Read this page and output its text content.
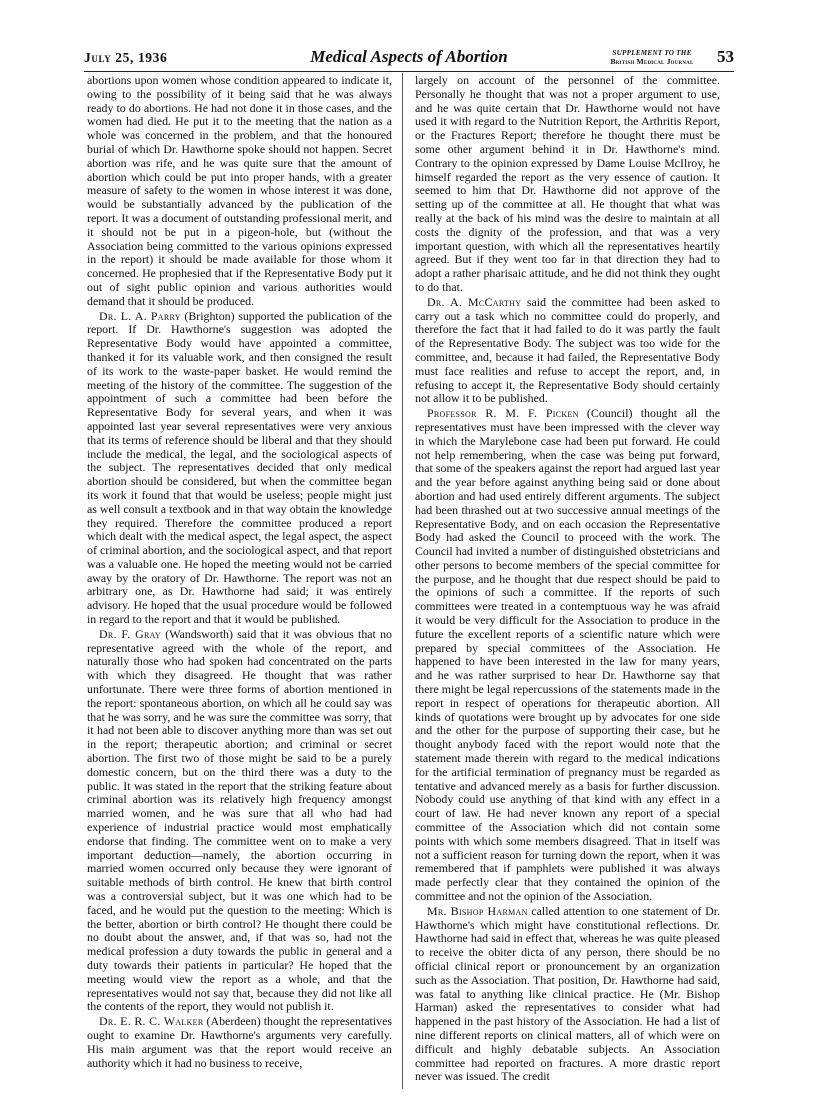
July 25, 1936	Medical Aspects of Abortion	SUPPLEMENT TO THE
British Medical Journal	53

abortions upon women whose condition appeared to indicate it, owing to the possibility of it being said that he was always ready to do abortions. He had not done it in those cases, and the women had died. He put it to the meeting that the nation as a whole was concerned in the problem, and that the honoured burial of which Dr. Hawthorne spoke should not happen. Secret abortion was rife, and he was quite sure that the amount of abortion which could be put into proper hands, with a greater measure of safety to the women in whose interest it was done, would be substantially advanced by the publication of the report. It was a document of outstanding professional merit, and it should not be put in a pigeon-hole, but (without the Association being committed to the various opinions expressed in the report) it should be made available for those whom it concerned. He prophesied that if the Representative Body put it out of sight public opinion and various authorities would demand that it should be produced.

Dr. L. A. Parry (Brighton) supported the publication of the report. If Dr. Hawthorne's suggestion was adopted the Representative Body would have appointed a committee, thanked it for its valuable work, and then consigned the result of its work to the waste-paper basket. He would remind the meeting of the history of the committee. The suggestion of the appointment of such a committee had been before the Representative Body for several years, and when it was appointed last year several representatives were very anxious that its terms of reference should be liberal and that they should include the medical, the legal, and the sociological aspects of the subject. The representatives decided that only medical abortion should be considered, but when the committee began its work it found that that would be useless; people might just as well consult a textbook and in that way obtain the knowledge they required. Therefore the committee produced a report which dealt with the medical aspect, the legal aspect, the aspect of criminal abortion, and the sociological aspect, and that report was a valuable one. He hoped the meeting would not be carried away by the oratory of Dr. Hawthorne. The report was not an arbitrary one, as Dr. Hawthorne had said; it was entirely advisory. He hoped that the usual procedure would be followed in regard to the report and that it would be published.

Dr. F. Gray (Wandsworth) said that it was obvious that no representative agreed with the whole of the report, and naturally those who had spoken had concentrated on the parts with which they disagreed. He thought that was rather unfortunate. There were three forms of abortion mentioned in the report: spontaneous abortion, on which all he could say was that he was sorry, and he was sure the committee was sorry, that it had not been able to discover anything more than was set out in the report; therapeutic abortion; and criminal or secret abortion. The first two of those might be said to be a purely domestic concern, but on the third there was a duty to the public. It was stated in the report that the striking feature about criminal abortion was its relatively high frequency amongst married women, and he was sure that all who had had experience of industrial practice would most emphatically endorse that finding. The committee went on to make a very important deduction—namely, the abortion occurring in married women occurred only because they were ignorant of suitable methods of birth control. He knew that birth control was a controversial subject, but it was one which had to be faced, and he would put the question to the meeting: Which is the better, abortion or birth control? He thought there could be no doubt about the answer, and, if that was so, had not the medical profession a duty towards the public in general and a duty towards their patients in particular? He hoped that the meeting would view the report as a whole, and that the representatives would not say that, because they did not like all the contents of the report, they would not publish it.

Dr. E. R. C. Walker (Aberdeen) thought the representatives ought to examine Dr. Hawthorne's arguments very carefully. His main argument was that the report would receive an authority which it had no business to receive,

largely on account of the personnel of the committee. Personally he thought that was not a proper argument to use, and he was quite certain that Dr. Hawthorne would not have used it with regard to the Nutrition Report, the Arthritis Report, or the Fractures Report; therefore he thought there must be some other argument behind it in Dr. Hawthorne's mind. Contrary to the opinion expressed by Dame Louise McIlroy, he himself regarded the report as the very essence of caution. It seemed to him that Dr. Hawthorne did not approve of the setting up of the committee at all. He thought that what was really at the back of his mind was the desire to maintain at all costs the dignity of the profession, and that was a very important question, with which all the representatives heartily agreed. But if they went too far in that direction they had to adopt a rather pharisaic attitude, and he did not think they ought to do that.

Dr. A. McCarthy said the committee had been asked to carry out a task which no committee could do properly, and therefore the fact that it had failed to do it was partly the fault of the Representative Body. The subject was too wide for the committee, and, because it had failed, the Representative Body must face realities and refuse to accept the report, and, in refusing to accept it, the Representative Body should certainly not allow it to be published.

Professor R. M. F. Picken (Council) thought all the representatives must have been impressed with the clever way in which the Marylebone case had been put forward. He could not help remembering, when the case was being put forward, that some of the speakers against the report had argued last year and the year before against anything being said or done about abortion and had used entirely different arguments. The subject had been thrashed out at two successive annual meetings of the Representative Body, and on each occasion the Representative Body had asked the Council to proceed with the work. The Council had invited a number of distinguished obstetricians and other persons to become members of the special committee for the purpose, and he thought that due respect should be paid to the opinions of such a committee. If the reports of such committees were treated in a contemptuous way he was afraid it would be very difficult for the Association to produce in the future the excellent reports of a scientific nature which were prepared by special committees of the Association. He happened to have been interested in the law for many years, and he was rather surprised to hear Dr. Hawthorne say that there might be legal repercussions of the statements made in the report in respect of operations for therapeutic abortion. All kinds of quotations were brought up by advocates for one side and the other for the purpose of supporting their case, but he thought anybody faced with the report would note that the statement made therein with regard to the medical indications for the artificial termination of pregnancy must be regarded as tentative and advanced merely as a basis for further discussion. Nobody could use anything of that kind with any effect in a court of law. He had never known any report of a special committee of the Association which did not contain some points with which some members disagreed. That in itself was not a sufficient reason for turning down the report, when it was remembered that if pamphlets were published it was always made perfectly clear that they contained the opinion of the committee and not the opinion of the Association.

Mr. Bishop Harman called attention to one statement of Dr. Hawthorne's which might have constitutional reflections. Dr. Hawthorne had said in effect that, whereas he was quite pleased to receive the obiter dicta of any person, there should be no official clinical report or pronouncement by an organization such as the Association. That position, Dr. Hawthorne had said, was fatal to anything like clinical practice. He (Mr. Bishop Harman) asked the representatives to consider what had happened in the past history of the Association. He had a list of nine different reports on clinical matters, all of which were on difficult and highly debatable subjects. An Association committee had reported on fractures. A more drastic report never was issued. The credit
